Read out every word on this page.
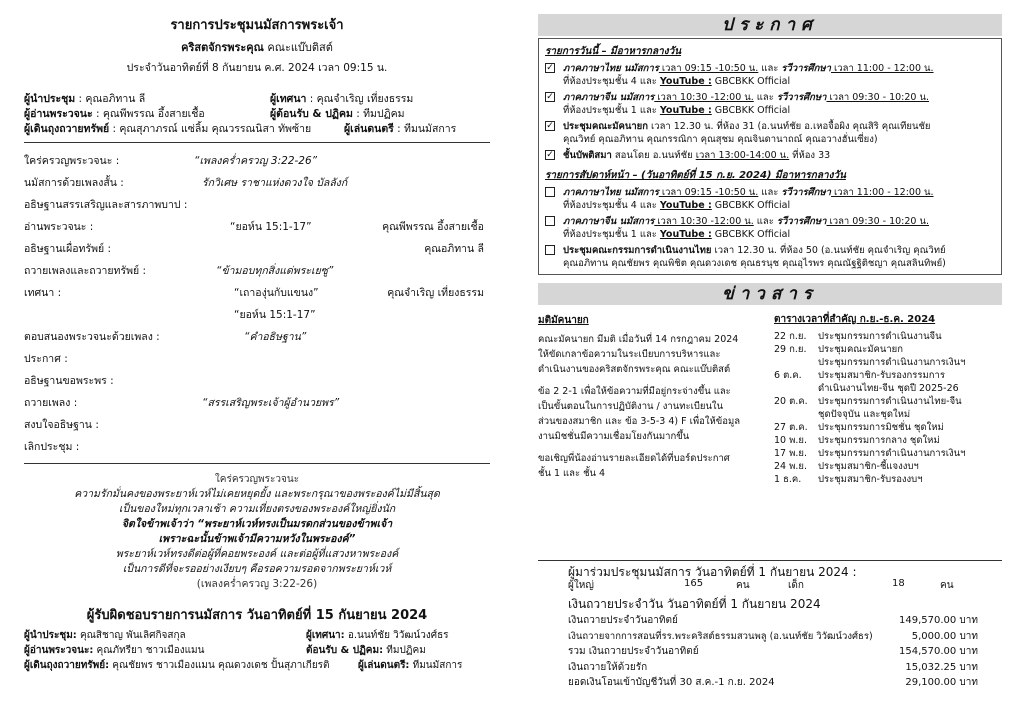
รายการประชุมนมัสการพระเจ้า
คริสตจักรพระคุณ คณะแบ๊บติสต์
ประจำวันอาทิตย์ที่ 8 กันยายน ค.ศ. 2024 เวลา 09:15 น.
ผู้นำประชุม : คุณอภิทาน ลี	ผู้เทศนา : คุณจำเริญ เที่ยงธรรม
ผู้อ่านพระวจนะ : คุณพีพรรณ อึ้งสายเชื้อ	ผู้ต้อนรับ & ปฏิคม : ทีมปฏิคม
ผู้เดินถุงถวายทรัพย์ : คุณสุภาภรณ์ แซ่ลิ้ม คุณวรรณนิสา ทัพซ้าย	ผู้เล่นดนตรี : ทีมนมัสการ
ใคร่ครวญพระวจนะ :	“เพลงคร่ำครวญ 3:22-26”
นมัสการด้วยเพลงสั้น :	รักวิเศษ ราชาแห่งดวงใจ บัลลังก์
อธิษฐานสรรเสริญและสารภาพบาป :
อ่านพระวจนะ :	“ยอห์น 15:1-17”	คุณพีพรรณ อึ้งสายเชื้อ
อธิษฐานเผื่อทรัพย์ :	คุณอภิทาน ลี
ถวายเพลงและถวายทรัพย์ :	“ข้ามอบทุกสิ่งแด่พระเยซู”
เทศนา :	“เถาองุ่นกับแขนง”	คุณจำเริญ เที่ยงธรรม
“ยอห์น 15:1-17”
ตอบสนองพระวจนะด้วยเพลง :	“คำอธิษฐาน”
ประกาศ :
อธิษฐานขอพระพร :
ถวายเพลง :	“สรรเสริญพระเจ้าผู้อำนวยพร”
สงบใจอธิษฐาน :
เลิกประชุม :
ใคร่ครวญพระวจนะ
ความรักมั่นคงของพระยาห์เวห์ไม่เคยหยุดยั้ง และพระกรุณาของพระองค์ไม่มีสิ้นสุด
เป็นของใหม่ทุกเวลาเช้า ความเที่ยงตรงของพระองค์ใหญ่ยิ่งนัก
จิตใจข้าพเจ้าว่า “พระยาห์เวห์ทรงเป็นมรดกส่วนของข้าพเจ้า
เพราะฉะนั้นข้าพเจ้ามีความหวังในพระองค์”
พระยาห์เวห์ทรงดีต่อผู้ที่คอยพระองค์ และต่อผู้ที่แสวงหาพระองค์
เป็นการดีที่จะรออย่างเงียบๆ คือรอความรอดจากพระยาห์เวห์
(เพลงคร่ำครวญ 3:22-26)
ผู้รับผิดชอบรายการนมัสการ วันอาทิตย์ที่ 15 กันยายน 2024
ผู้นำประชุม: คุณสิชาญ พันเลิศกิจสกุล	ผู้เทศนา: อ.นนท์ชัย วิวัฒน์วงศ์ธร
ผู้อ่านพระวจนะ: คุณภัทรียา ชาวเมืองแมน	ต้อนรับ & ปฏิคม: ทีมปฏิคม
ผู้เดินถุงถวายทรัพย์: คุณชัยพร ชาวเมืองแมน คุณดวงเดช ปั้นสุภาเกียรติ	ผู้เล่นดนตรี: ทีมนมัสการ
ประกาศ
รายการวันนี้ – มีอาหารกลางวัน
✓ ภาคภาษาไทย นมัสการ เวลา 09:15 -10:50 น. และ รวีวารศึกษา เวลา 11:00 - 12:00 น.
ที่ห้องประชุมชั้น 4 และ YouTube : GBCBKK Official
✓ ภาคภาษาจีน นมัสการ เวลา 10:30 -12:00 น. และ รวีวารศึกษา เวลา 09:30 - 10:20 น.
ที่ห้องประชุมชั้น 1 และ YouTube : GBCBKK Official
✓ ประชุมคณะมัคนายก เวลา 12.30 น. ที่ห้อง 31 (อ.นนท์ชัย อ.เหอจื้อผิง คุณสิริ คุณเทียนชัย
คุณวิทย์ คุณอภิทาน คุณกรรณิกา คุณสุชม คุณจินดานาถณ์ คุณอวางฮั่นเซี่ยง)
✓ ชั้นบัพติสมา สอนโดย อ.นนท์ชัย เวลา 13:00-14:00 น. ที่ห้อง 33
รายการสัปดาห์หน้า – (วันอาทิตย์ที่ 15 ก.ย. 2024) มีอาหารกลางวัน
ภาคภาษาไทย นมัสการ เวลา 09:15 -10:50 น. และ รวีวารศึกษา เวลา 11:00 - 12:00 น.
ที่ห้องประชุมชั้น 4 และ YouTube : GBCBKK Official
ภาคภาษาจีน นมัสการ เวลา 10:30 -12:00 น. และ รวีวารศึกษา เวลา 09:30 - 10:20 น.
ที่ห้องประชุมชั้น 1 และ YouTube : GBCBKK Official
ประชุมคณะกรรมการดำเนินงานไทย เวลา 12.30 น. ที่ห้อง 50 (อ.นนท์ชัย คุณจำเริญ คุณวิทย์
คุณอภิทาน คุณชัยพร คุณพิชิต คุณดวงเดช คุณธรนุช คุณอุไรพร คุณณัฐฐิติชญา คุณสลินทิพย์)
ข่าวสาร
มติมัคนายก
คณะมัคนายก มีมติ เมื่อวันที่ 14 กรกฎาคม 2024
ให้ขัดเกลาข้อความในระเบียบการบริหารและ
ดำเนินงานของคริสตจักรพระคุณ คณะแบ๊บติสต์
ข้อ 2 2-1 เพื่อให้ข้อความที่มีอยู่กระจ่างขึ้น และ
เป็นขั้นตอนในการปฏิบัติงาน / งานทะเบียนใน
ส่วนของสมาชิก และ ข้อ 3-5-3 4) F เพื่อให้ข้อมูล
งานมิชชั่นมีความเชื่อมโยงกันมากขึ้น
ขอเชิญพี่น้องอ่านรายละเอียดได้ที่บอร์ดประกาศ
ชั้น 1 และ ชั้น 4
ตารางเวลาที่สำคัญ ก.ย.-ธ.ค. 2024
22 ก.ย.	ประชุมกรรมการดำเนินงานจีน
29 ก.ย.	ประชุมคณะมัคนายก
ประชุมกรรมการดำเนินงานการเงินฯ
6 ต.ค.	ประชุมสมาชิก-รับรองกรรมการ
ดำเนินงานไทย-จีน ชุดปี 2025-26
20 ต.ค.	ประชุมกรรมการดำเนินงานไทย-จีน
ชุดปัจจุบัน และชุดใหม่
27 ต.ค.	ประชุมกรรมการมิชชั่น ชุดใหม่
10 พ.ย.	ประชุมกรรมการกลาง ชุดใหม่
17 พ.ย.	ประชุมกรรมการดำเนินงานการเงินฯ
24 พ.ย.	ประชุมสมาชิก-ชี้แจงงบฯ
1 ธ.ค.	ประชุมสมาชิก-รับรองงบฯ
ผู้มาร่วมประชุมนมัสการ วันอาทิตย์ที่ 1 กันยายน 2024 :
ผู้ใหญ่	165	คน	เด็ก	18	คน
เงินถวายประจำวัน วันอาทิตย์ที่ 1 กันยายน 2024
เงินถวายประจำวันอาทิตย์	149,570.00 บาท
เงินถวายจากการสอนที่รร.พระคริสต์ธรรมสวนพลู (อ.นนท์ชัย วิวัฒน์วงศ์ธร)	5,000.00 บาท
รวม เงินถวายประจำวันอาทิตย์	154,570.00 บาท
เงินถวายให้ด้วยรัก	15,032.25 บาท
ยอดเงินโอนเข้าบัญชีวันที่ 30 ส.ค.-1 ก.ย. 2024	29,100.00 บาท
